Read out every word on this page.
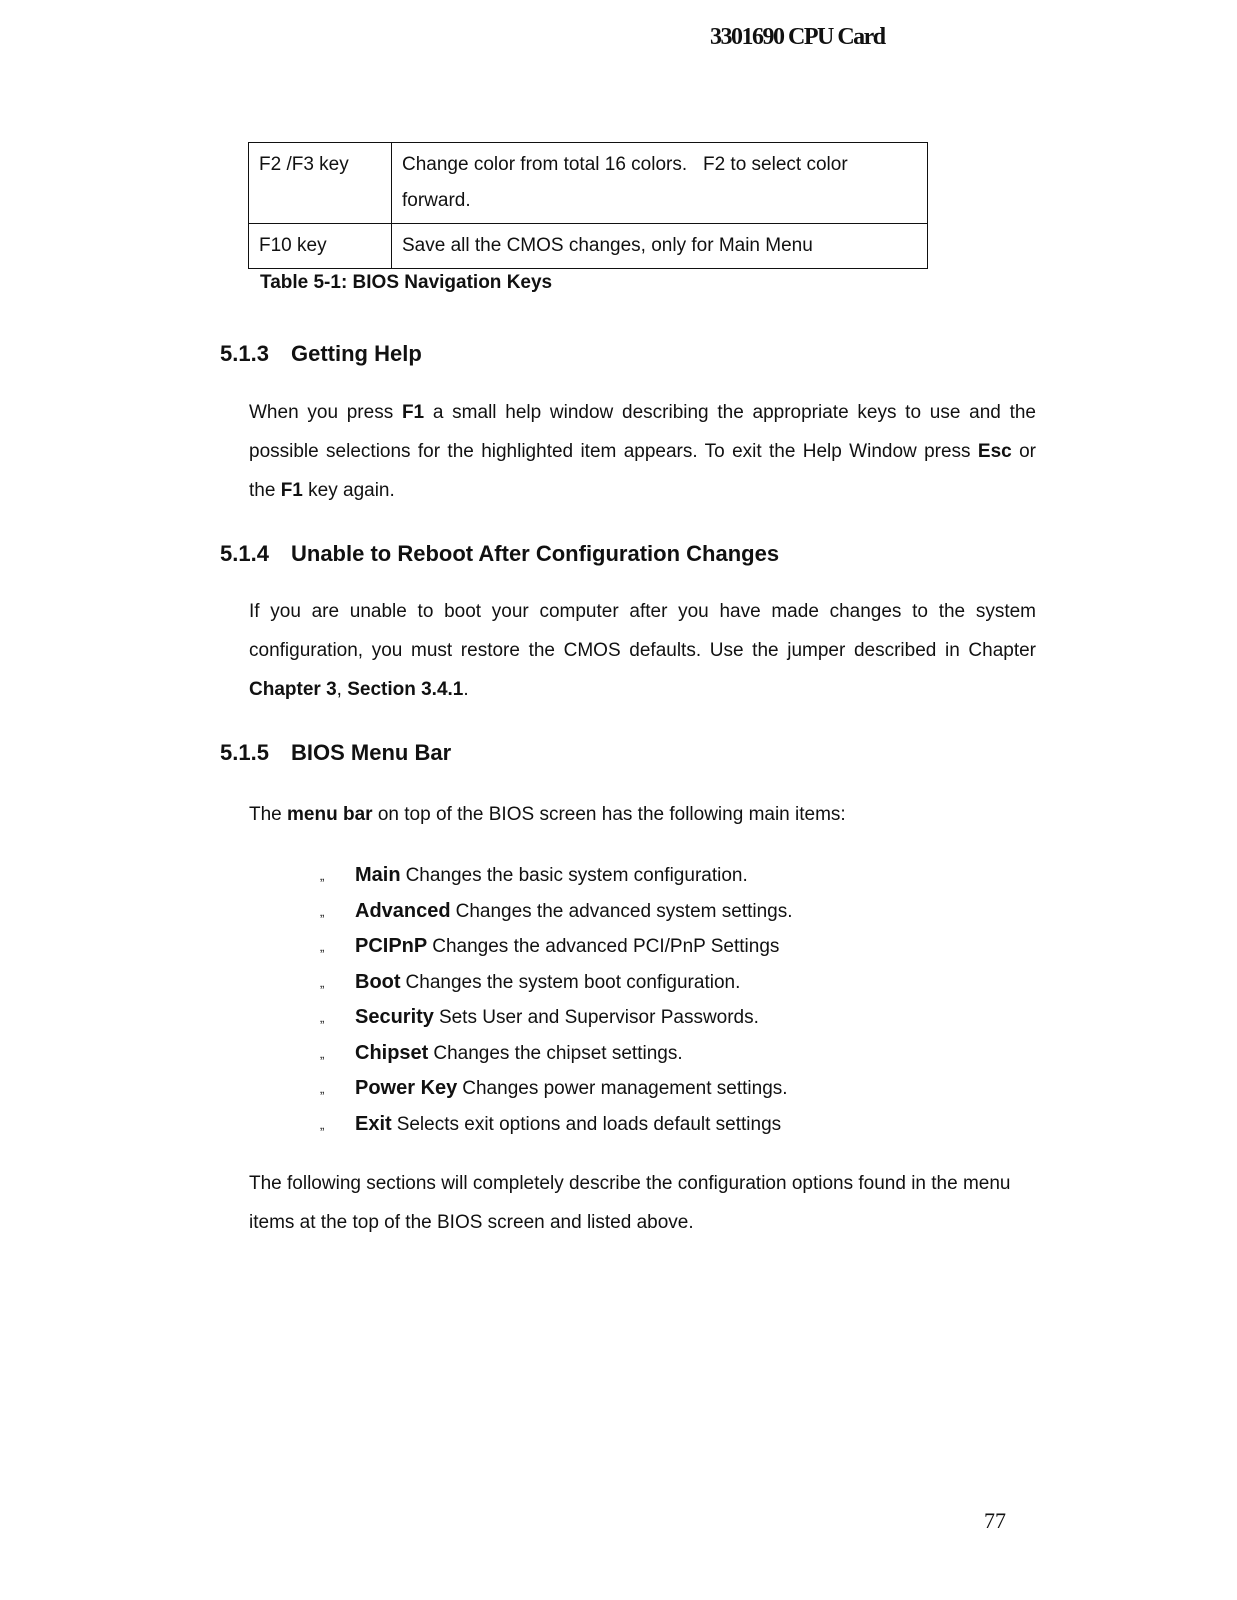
3301690 CPU Card
F2 /F3 key	Change color from total 16 colors.   F2 to select color forward.
F10 key	Save all the CMOS changes, only for Main Menu
Table 5-1: BIOS Navigation Keys
5.1.3 Getting Help
When you press F1 a small help window describing the appropriate keys to use and the possible selections for the highlighted item appears. To exit the Help Window press Esc or the F1 key again.
5.1.4 Unable to Reboot After Configuration Changes
If you are unable to boot your computer after you have made changes to the system configuration, you must restore the CMOS defaults. Use the jumper described in Chapter Chapter 3, Section 3.4.1.
5.1.5 BIOS Menu Bar
The menu bar on top of the BIOS screen has the following main items:
„ Main Changes the basic system configuration.
„ Advanced Changes the advanced system settings.
„ PCIPnP Changes the advanced PCI/PnP Settings
„ Boot Changes the system boot configuration.
„ Security Sets User and Supervisor Passwords.
„ Chipset Changes the chipset settings.
„ Power Key Changes power management settings.
„ Exit Selects exit options and loads default settings
The following sections will completely describe the configuration options found in the menu items at the top of the BIOS screen and listed above.
77
